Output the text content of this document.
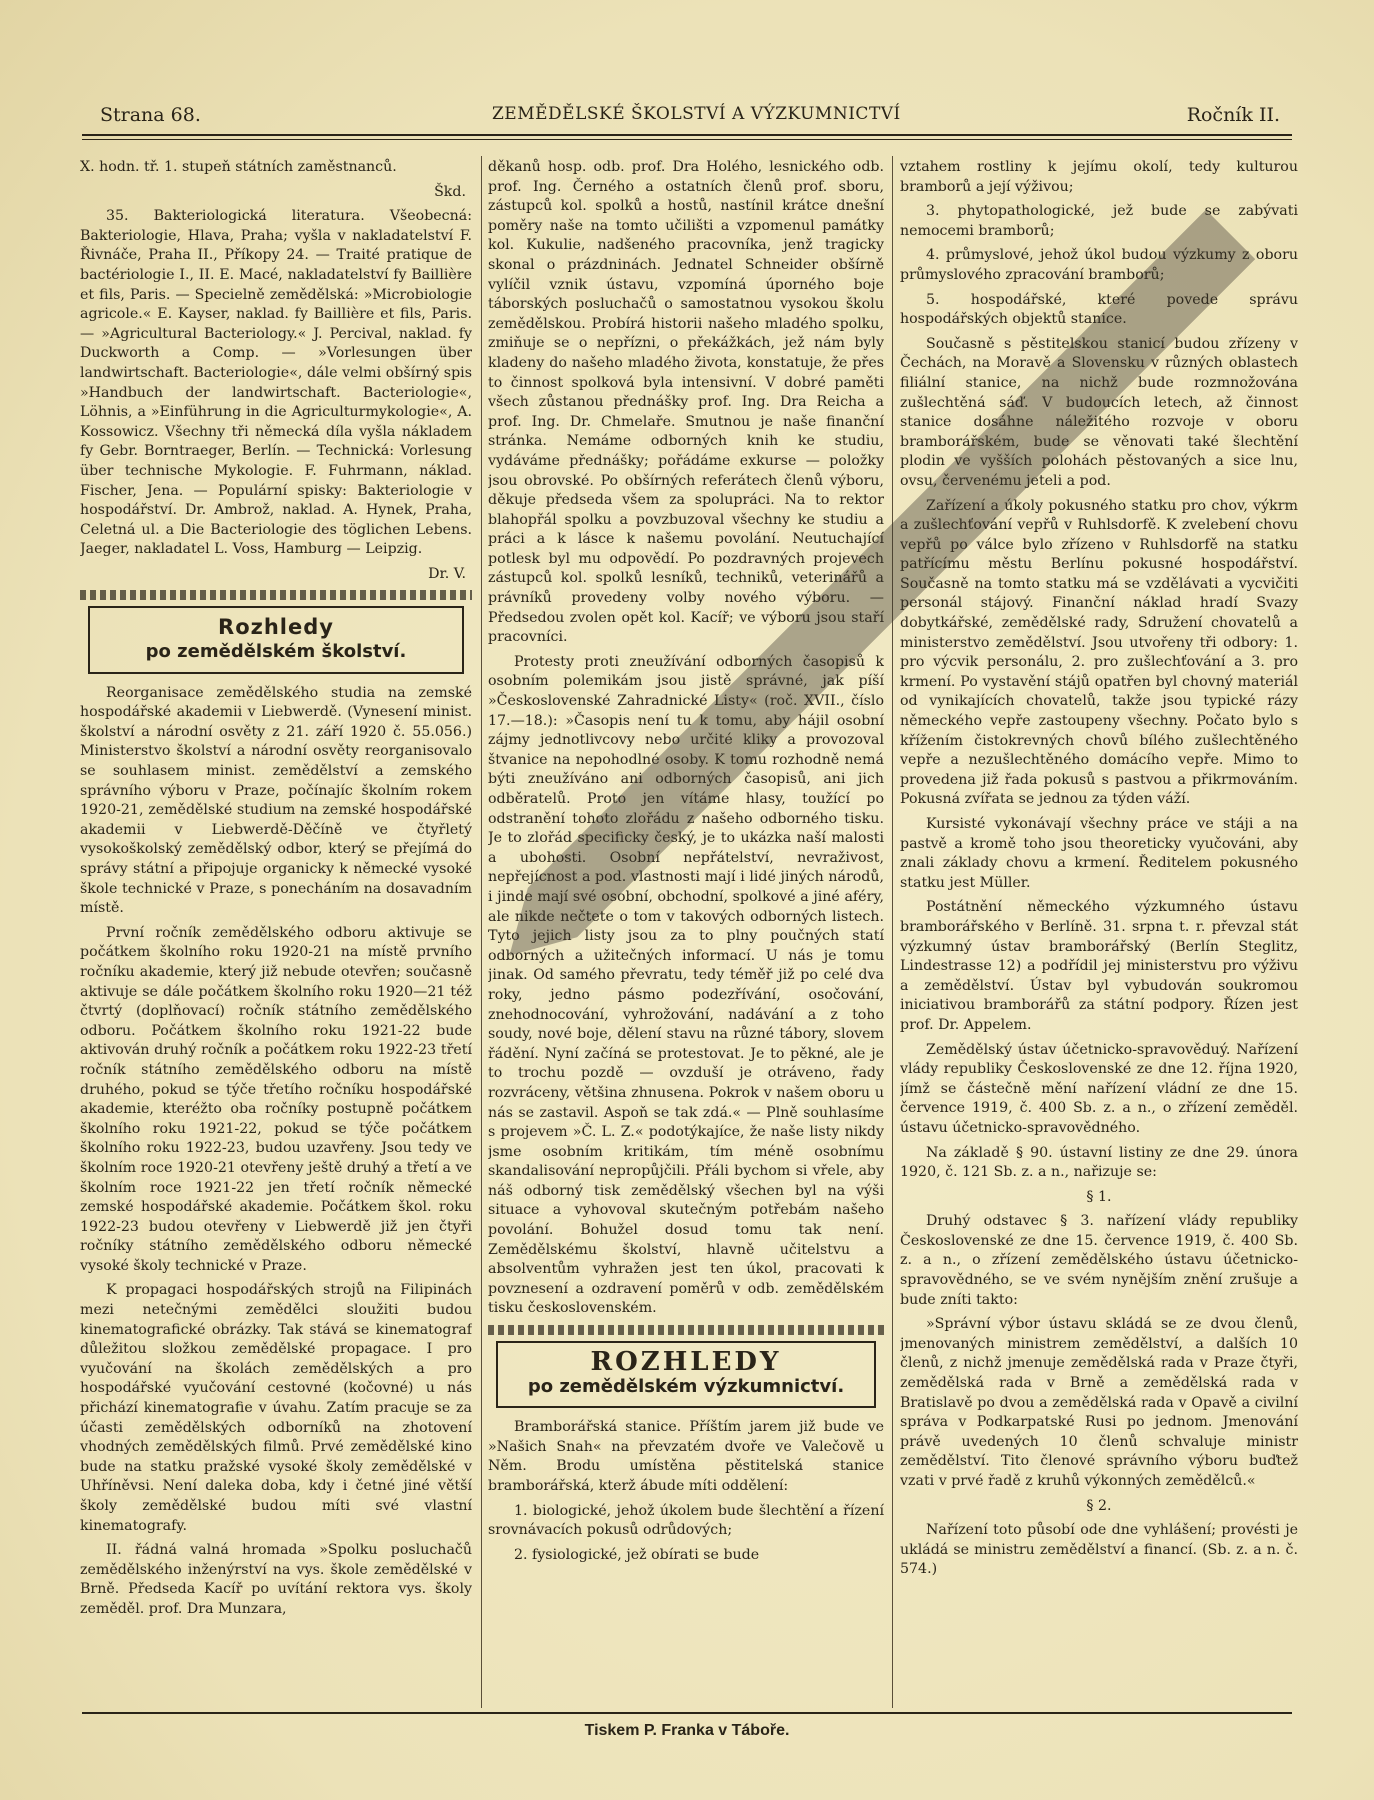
Strana 68.	ZEMĚDĚLSKÉ ŠKOLSTVÍ A VÝZKUMNICTVÍ	Ročník II.

X. hodn. tř. 1. stupeň státních zaměstnanců.

Škd.

35. Bakteriologická literatura. Všeobecná: Bakteriologie, Hlava, Praha; vyšla v nakladatelství F. Řivnáče, Praha II., Příkopy 24. — Traité pratique de bactériologie I., II. E. Macé, nakladatelství fy Baillière et fils, Paris. — Specielně zemědělská: »Microbiologie agricole.« E. Kayser, naklad. fy Baillière et fils, Paris. — »Agricultural Bacteriology.« J. Percival, naklad. fy Duckworth a Comp. — »Vorlesungen über landwirtschaft. Bacteriologie«, dále velmi obšírný spis »Handbuch der landwirtschaft. Bacteriologie«, Löhnis, a »Einführung in die Agriculturmykologie«, A. Kossowicz. Všechny tři německá díla vyšla nákladem fy Gebr. Borntraeger, Berlín. — Technická: Vorlesung über technische Mykologie. F. Fuhrmann, náklad. Fischer, Jena. — Populární spisky: Bakteriologie v hospodářství. Dr. Ambrož, naklad. A. Hynek, Praha, Celetná ul. a Die Bacteriologie des töglichen Lebens. Jaeger, nakladatel L. Voss, Hamburg — Leipzig.

Dr. V.

Rozhledy
po zemědělském školství.

Reorganisace zemědělského studia na zemské hospodářské akademii v Liebwerdě. (Vynesení minist. školství a národní osvěty z 21. září 1920 č. 55.056.) Ministerstvo školství a národní osvěty reorganisovalo se souhlasem minist. zemědělství a zemského správního výboru v Praze, počínajíc školním rokem 1920-21, zemědělské studium na zemské hospodářské akademii v Liebwerdě-Děčíně ve čtyřletý vysokoškolský zemědělský odbor, který se přejímá do správy státní a připojuje organicky k německé vysoké škole technické v Praze, s ponecháním na dosavadním místě.

První ročník zemědělského odboru aktivuje se počátkem školního roku 1920-21 na místě prvního ročníku akademie, který již nebude otevřen; současně aktivuje se dále počátkem školního roku 1920—21 též čtvrtý (doplňovací) ročník státního zemědělského odboru. Počátkem školního roku 1921-22 bude aktivován druhý ročník a počátkem roku 1922-23 třetí ročník státního zemědělského odboru na místě druhého, pokud se týče třetího ročníku hospodářské akademie, kteréžto oba ročníky postupně počátkem školního roku 1921-22, pokud se týče počátkem školního roku 1922-23, budou uzavřeny. Jsou tedy ve školním roce 1920-21 otevřeny ještě druhý a třetí a ve školním roce 1921-22 jen třetí ročník německé zemské hospodářské akademie. Počátkem škol. roku 1922-23 budou otevřeny v Liebwerdě již jen čtyři ročníky státního zemědělského odboru německé vysoké školy technické v Praze.

K propagaci hospodářských strojů na Filipinách mezi netečnými zemědělci sloužiti budou kinematografické obrázky. Tak stává se kinematograf důležitou složkou zemědělské propagace. I pro vyučování na školách zemědělských a pro hospodářské vyučování cestovné (kočovné) u nás přichází kinematografie v úvahu. Zatím pracuje se za účasti zemědělských odborníků na zhotovení vhodných zemědělských filmů. Prvé zemědělské kino bude na statku pražské vysoké školy zemědělské v Uhříněvsi. Není daleka doba, kdy i četné jiné větší školy zemědělské budou míti své vlastní kinematografy.

II. řádná valná hromada »Spolku posluchačů zemědělského inženýrství na vys. škole zemědělské v Brně. Předseda Kacíř po uvítání rektora vys. školy zeměděl. prof. Dra Munzara,

děkanů hosp. odb. prof. Dra Holého, lesnického odb. prof. Ing. Černého a ostatních členů prof. sboru, zástupců kol. spolků a hostů, nastínil krátce dnešní poměry naše na tomto učilišti a vzpomenul památky kol. Kukulie, nadšeného pracovníka, jenž tragicky skonal o prázdninách. Jednatel Schneider obšírně vylíčil vznik ústavu, vzpomíná úporného boje táborských posluchačů o samostatnou vysokou školu zemědělskou. Probírá historii našeho mladého spolku, zmiňuje se o nepřízni, o překážkách, jež nám byly kladeny do našeho mladého života, konstatuje, že přes to činnost spolková byla intensivní. V dobré paměti všech zůstanou přednášky prof. Ing. Dra Reicha a prof. Ing. Dr. Chmelaře. Smutnou je naše finanční stránka. Nemáme odborných knih ke studiu, vydáváme přednášky; pořádáme exkurse — položky jsou obrovské. Po obšírných referátech členů výboru, děkuje předseda všem za spolupráci. Na to rektor blahopřál spolku a povzbuzoval všechny ke studiu a práci a k lásce k našemu povolání. Neutuchající potlesk byl mu odpovědí. Po pozdravných projevech zástupců kol. spolků lesníků, techniků, veterinářů a právníků provedeny volby nového výboru. — Předsedou zvolen opět kol. Kacíř; ve výboru jsou staří pracovníci.

Protesty proti zneužívání odborných časopisů k osobním polemikám jsou jistě správné, jak píší »Československé Zahradnické Listy« (roč. XVII., číslo 17.—18.): »Časopis není tu k tomu, aby hájil osobní zájmy jednotlivcovy nebo určité kliky a provozoval štvanice na nepohodlné osoby. K tomu rozhodně nemá býti zneužíváno ani odborných časopisů, ani jich odběratelů. Proto jen vítáme hlasy, toužící po odstranění tohoto zlořádu z našeho odborného tisku. Je to zlořád specificky český, je to ukázka naší malosti a ubohosti. Osobní nepřátelství, nevraživost, nepřejícnost a pod. vlastnosti mají i lidé jiných národů, i jinde mají své osobní, obchodní, spolkové a jiné aféry, ale nikde nečtete o tom v takových odborných listech. Tyto jejich listy jsou za to plny poučných statí odborných a užitečných informací. U nás je tomu jinak. Od samého převratu, tedy téměř již po celé dva roky, jedno pásmo podezřívání, osočování, znehodnocování, vyhrožování, nadávání a z toho soudy, nové boje, dělení stavu na různé tábory, slovem řádění. Nyní začíná se protestovat. Je to pěkné, ale je to trochu pozdě — ovzduší je otráveno, řady rozvráceny, většina zhnusena. Pokrok v našem oboru u nás se zastavil. Aspoň se tak zdá.« — Plně souhlasíme s projevem »Č. L. Z.« podotýkajíce, že naše listy nikdy jsme osobním kritikám, tím méně osobnímu skandalisování nepropůjčili. Přáli bychom si vřele, aby náš odborný tisk zemědělský všechen byl na výši situace a vyhovoval skutečným potřebám našeho povolání. Bohužel dosud tomu tak není. Zemědělskému školství, hlavně učitelstvu a absolventům vyhražen jest ten úkol, pracovati k povznesení a ozdravení poměrů v odb. zemědělském tisku československém.

ROZHLEDY
po zemědělském výzkumnictví.

Bramborářská stanice. Příštím jarem již bude ve »Našich Snah« na převzatém dvoře ve Valečově u Něm. Brodu umístěna pěstitelská stanice bramborářská, kterž ábude míti oddělení:

1. biologické, jehož úkolem bude šlechtění a řízení srovnávacích pokusů odrůdových;

2. fysiologické, jež obírati se bude

vztahem rostliny k jejímu okolí, tedy kulturou bramborů a její výživou;

3. phytopathologické, jež bude se zabývati nemocemi bramborů;

4. průmyslové, jehož úkol budou výzkumy z oboru průmyslového zpracování bramborů;

5. hospodářské, které povede správu hospodářských objektů stanice.

Současně s pěstitelskou stanicí budou zřízeny v Čechách, na Moravě a Slovensku v různých oblastech filiální stanice, na nichž bude rozmnožována zušlechtěná sáď. V budoucích letech, až činnost stanice dosáhne náležitého rozvoje v oboru bramborářském, bude se věnovati také šlechtění plodin ve vyšších polohách pěstovaných a sice lnu, ovsu, červenému jeteli a pod.

Zařízení a úkoly pokusného statku pro chov, výkrm a zušlechťování vepřů v Ruhlsdorfě. K zvelebení chovu vepřů po válce bylo zřízeno v Ruhlsdorfě na statku patřícímu městu Berlínu pokusné hospodářství. Současně na tomto statku má se vzdělávati a vycvičiti personál stájový. Finanční náklad hradí Svazy dobytkářské, zemědělské rady, Sdružení chovatelů a ministerstvo zemědělství. Jsou utvořeny tři odbory: 1. pro výcvik personálu, 2. pro zušlechťování a 3. pro krmení. Po vystavění stájů opatřen byl chovný materiál od vynikajících chovatelů, takže jsou typické rázy německého vepře zastoupeny všechny. Počato bylo s křížením čistokrevných chovů bílého zušlechtěného vepře a nezušlechtěného domácího vepře. Mimo to provedena již řada pokusů s pastvou a přikrmováním. Pokusná zvířata se jednou za týden váží.

Kursisté vykonávají všechny práce ve stáji a na pastvě a kromě toho jsou theoreticky vyučováni, aby znali základy chovu a krmení. Ředitelem pokusného statku jest Müller.

Postátnění německého výzkumného ústavu bramborářského v Berlíně. 31. srpna t. r. převzal stát výzkumný ústav bramborářský (Berlín Steglitz, Lindestrasse 12) a podřídil jej ministerstvu pro výživu a zemědělství. Ústav byl vybudován soukromou iniciativou bramborářů za státní podpory. Řízen jest prof. Dr. Appelem.

Zemědělský ústav účetnicko-spravověduý. Nařízení vlády republiky Československé ze dne 12. října 1920, jímž se částečně mění nařízení vládní ze dne 15. července 1919, č. 400 Sb. z. a n., o zřízení zeměděl. ústavu účetnicko-spravovědného.

Na základě § 90. ústavní listiny ze dne 29. února 1920, č. 121 Sb. z. a n., nařizuje se:

§ 1.

Druhý odstavec § 3. nařízení vlády republiky Československé ze dne 15. července 1919, č. 400 Sb. z. a n., o zřízení zemědělského ústavu účetnicko-spravovědného, se ve svém nynějším znění zrušuje a bude zníti takto:

»Správní výbor ústavu skládá se ze dvou členů, jmenovaných ministrem zemědělství, a dalších 10 členů, z nichž jmenuje zemědělská rada v Praze čtyři, zemědělská rada v Brně a zemědělská rada v Bratislavě po dvou a zemědělská rada v Opavě a civilní správa v Podkarpatské Rusi po jednom. Jmenování právě uvedených 10 členů schvaluje ministr zemědělství. Tito členové správního výboru buďtež vzati v prvé řadě z kruhů výkonných zemědělců.«

§ 2.

Nařízení toto působí ode dne vyhlášení; provésti je ukládá se ministru zemědělství a financí. (Sb. z. a n. č. 574.)

Tiskem P. Franka v Táboře.
